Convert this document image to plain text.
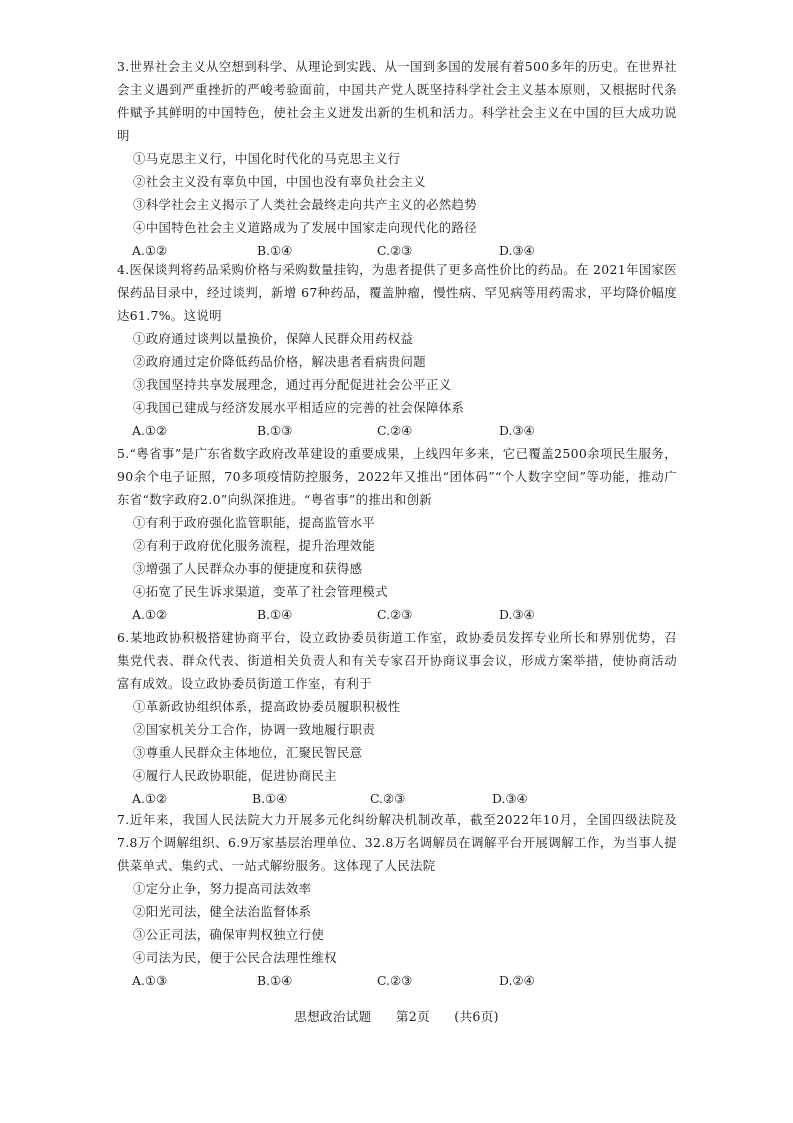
3.世界社会主义从空想到科学、从理论到实践、从一国到多国的发展有着500多年的历史。在世界社会主义遇到严重挫折的严峻考验面前，中国共产党人既坚持科学社会主义基本原则，又根据时代条件赋予其鲜明的中国特色，使社会主义迸发出新的生机和活力。科学社会主义在中国的巨大成功说明

①马克思主义行，中国化时代化的马克思主义行

②社会主义没有辜负中国，中国也没有辜负社会主义

③科学社会主义揭示了人类社会最终走向共产主义的必然趋势

④中国特色社会主义道路成为了发展中国家走向现代化的路径

A.①②	B.①④	C.②③	D.③④

4.医保谈判将药品采购价格与采购数量挂钩，为患者提供了更多高性价比的药品。在 2021年国家医保药品目录中，经过谈判，新增 67种药品，覆盖肿瘤，慢性病、罕见病等用药需求，平均降价幅度达61.7%。这说明

①政府通过谈判以量换价，保障人民群众用药权益

②政府通过定价降低药品价格，解决患者看病贵问题

③我国坚持共享发展理念，通过再分配促进社会公平正义

④我国已建成与经济发展水平相适应的完善的社会保障体系

A.①②	B.①③	C.②④	D.③④

5.“粤省事”是广东省数字政府改革建设的重要成果，上线四年多来，它已覆盖2500余项民生服务，90余个电子证照，70多项疫情防控服务，2022年又推出“团体码”“个人数字空间”等功能，推动广东省“数字政府2.0”向纵深推进。“粤省事”的推出和创新

①有利于政府强化监管职能，提高监管水平

②有利于政府优化服务流程，提升治理效能

③增强了人民群众办事的便捷度和获得感

④拓宽了民生诉求渠道，变革了社会管理模式

A.①②	B.①④	C.②③	D.③④

6.某地政协积极搭建协商平台，设立政协委员街道工作室，政协委员发挥专业所长和界别优势，召集党代表、群众代表、街道相关负责人和有关专家召开协商议事会议，形成方案举措，使协商活动富有成效。设立政协委员街道工作室，有利于

①革新政协组织体系，提高政协委员履职积极性

②国家机关分工合作，协调一致地履行职责

③尊重人民群众主体地位，汇聚民智民意

④履行人民政协职能，促进协商民主

A.①②	B.①④	C.②③	D.③④

7.近年来，我国人民法院大力开展多元化纠纷解决机制改革，截至2022年10月，全国四级法院及7.8万个调解组织、6.9万家基层治理单位、32.8万名调解员在调解平台开展调解工作，为当事人提供菜单式、集约式、一站式解纷服务。这体现了人民法院

①定分止争，努力提高司法效率

②阳光司法，健全法治监督体系

③公正司法，确保审判权独立行使

④司法为民，便于公民合法理性维权

A.①③	B.①④	C.②③	D.②④
思想政治试题 第2页 (共6页)
